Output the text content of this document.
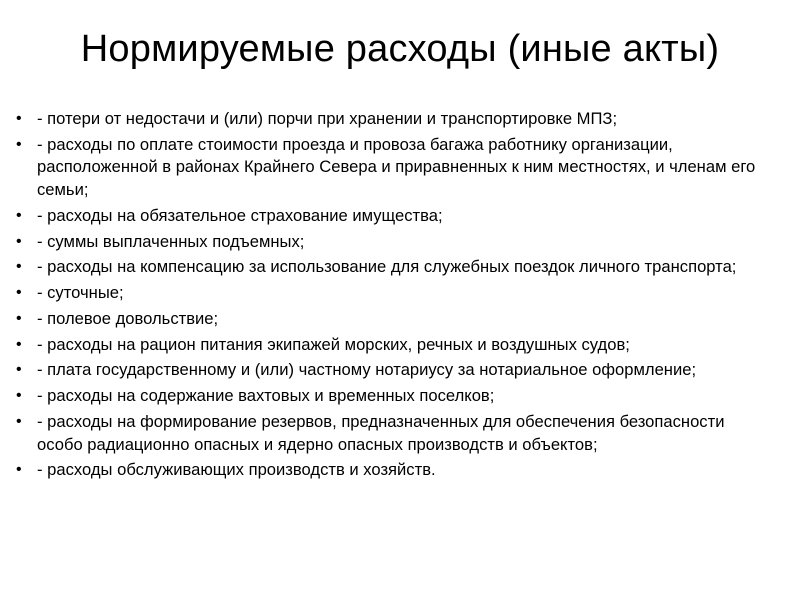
Нормируемые расходы (иные акты)
• - потери от недостачи и (или) порчи при хранении и транспортировке МПЗ;
• - расходы по оплате стоимости проезда и провоза багажа работнику организации, расположенной в районах Крайнего Севера и приравненных к ним местностях, и членам его семьи;
• - расходы на обязательное страхование имущества;
• - суммы выплаченных подъемных;
• - расходы на компенсацию за использование для служебных поездок личного транспорта;
• - суточные;
• - полевое довольствие;
• - расходы на рацион питания экипажей морских, речных и воздушных судов;
• - плата государственному и (или) частному нотариусу за нотариальное оформление;
• - расходы на содержание вахтовых и временных поселков;
• - расходы на формирование резервов, предназначенных для обеспечения безопасности особо радиационно опасных и ядерно опасных производств и объектов;
• - расходы обслуживающих производств и хозяйств.
